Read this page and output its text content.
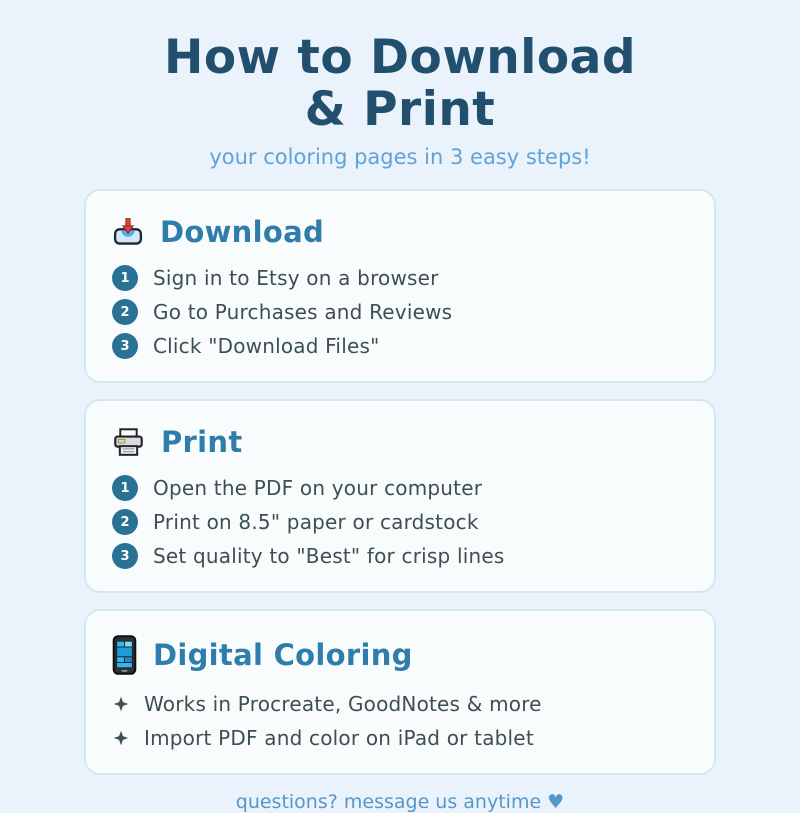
How to Download
& Print
your coloring pages in 3 easy steps!
Download
1	Sign in to Etsy on a browser
2	Go to Purchases and Reviews
3	Click "Download Files"
Print
1	Open the PDF on your computer
2	Print on 8.5" paper or cardstock
3	Set quality to "Best" for crisp lines
Digital Coloring
Works in Procreate, GoodNotes & more
Import PDF and color on iPad or tablet
questions? message us anytime ♥
